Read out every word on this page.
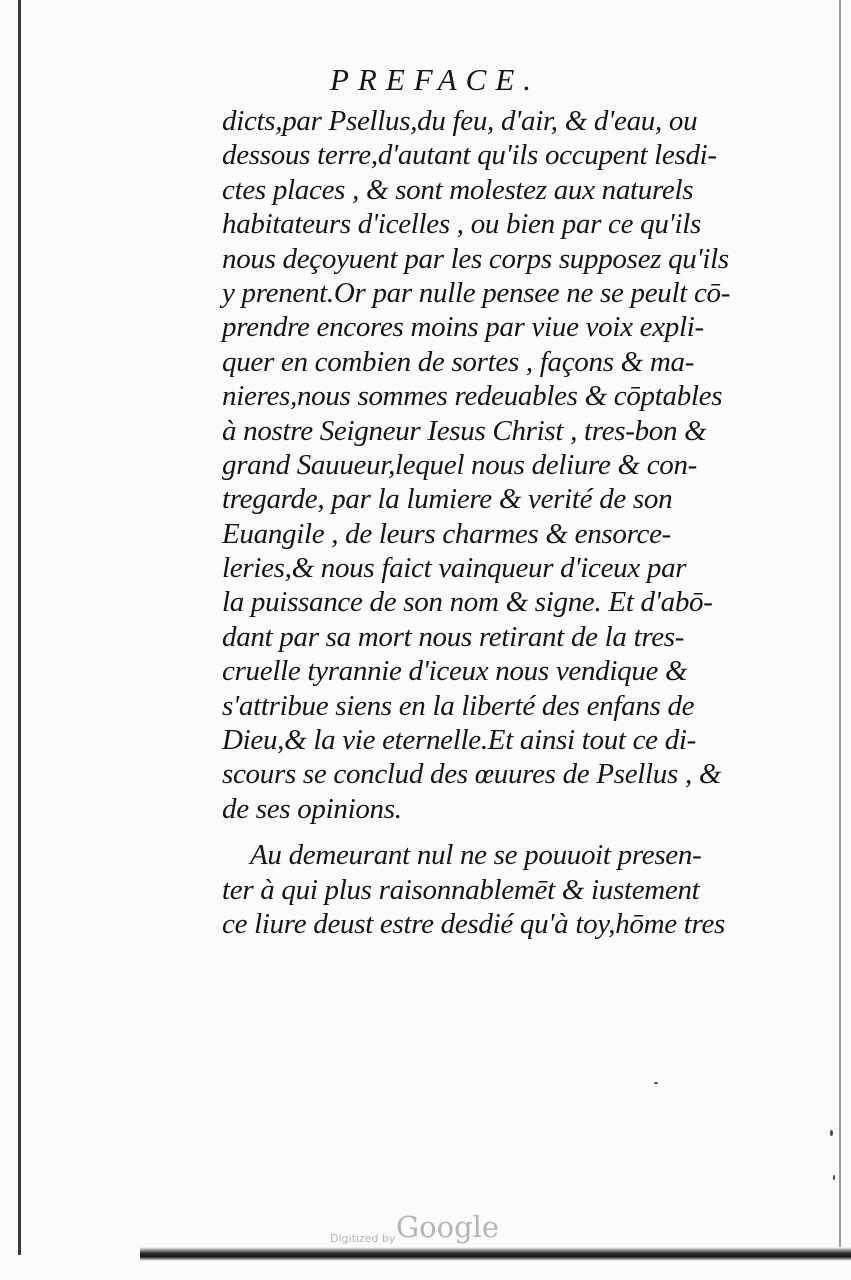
PREFACE.
dicts,par Psellus,du feu, d'air, & d'eau, ou
dessous terre,d'autant qu'ils occupent lesdi-
ctes places , & sont molestez aux naturels
habitateurs d'icelles , ou bien par ce qu'ils
nous deçoyuent par les corps supposez qu'ils
y prenent.Or par nulle pensee ne se peult cō-
prendre encores moins par viue voix expli-
quer en combien de sortes , façons & ma-
nieres,nous sommes redeuables & cōptables
à nostre Seigneur Iesus Christ , tres-bon &
grand Sauueur,lequel nous deliure & con-
tregarde, par la lumiere & verité de son
Euangile , de leurs charmes & ensorce-
leries,& nous faict vainqueur d'iceux par
la puissance de son nom & signe. Et d'abō-
dant par sa mort nous retirant de la tres-
cruelle tyrannie d'iceux nous vendique &
s'attribue siens en la liberté des enfans de
Dieu,& la vie eternelle.Et ainsi tout ce di-
scours se conclud des œuures de Psellus , &
de ses opinions.
Au demeurant nul ne se pouuoit presen-
ter à qui plus raisonnablemēt & iustement
ce liure deust estre desdié qu'à toy,hōme tres
Digitized by Google
